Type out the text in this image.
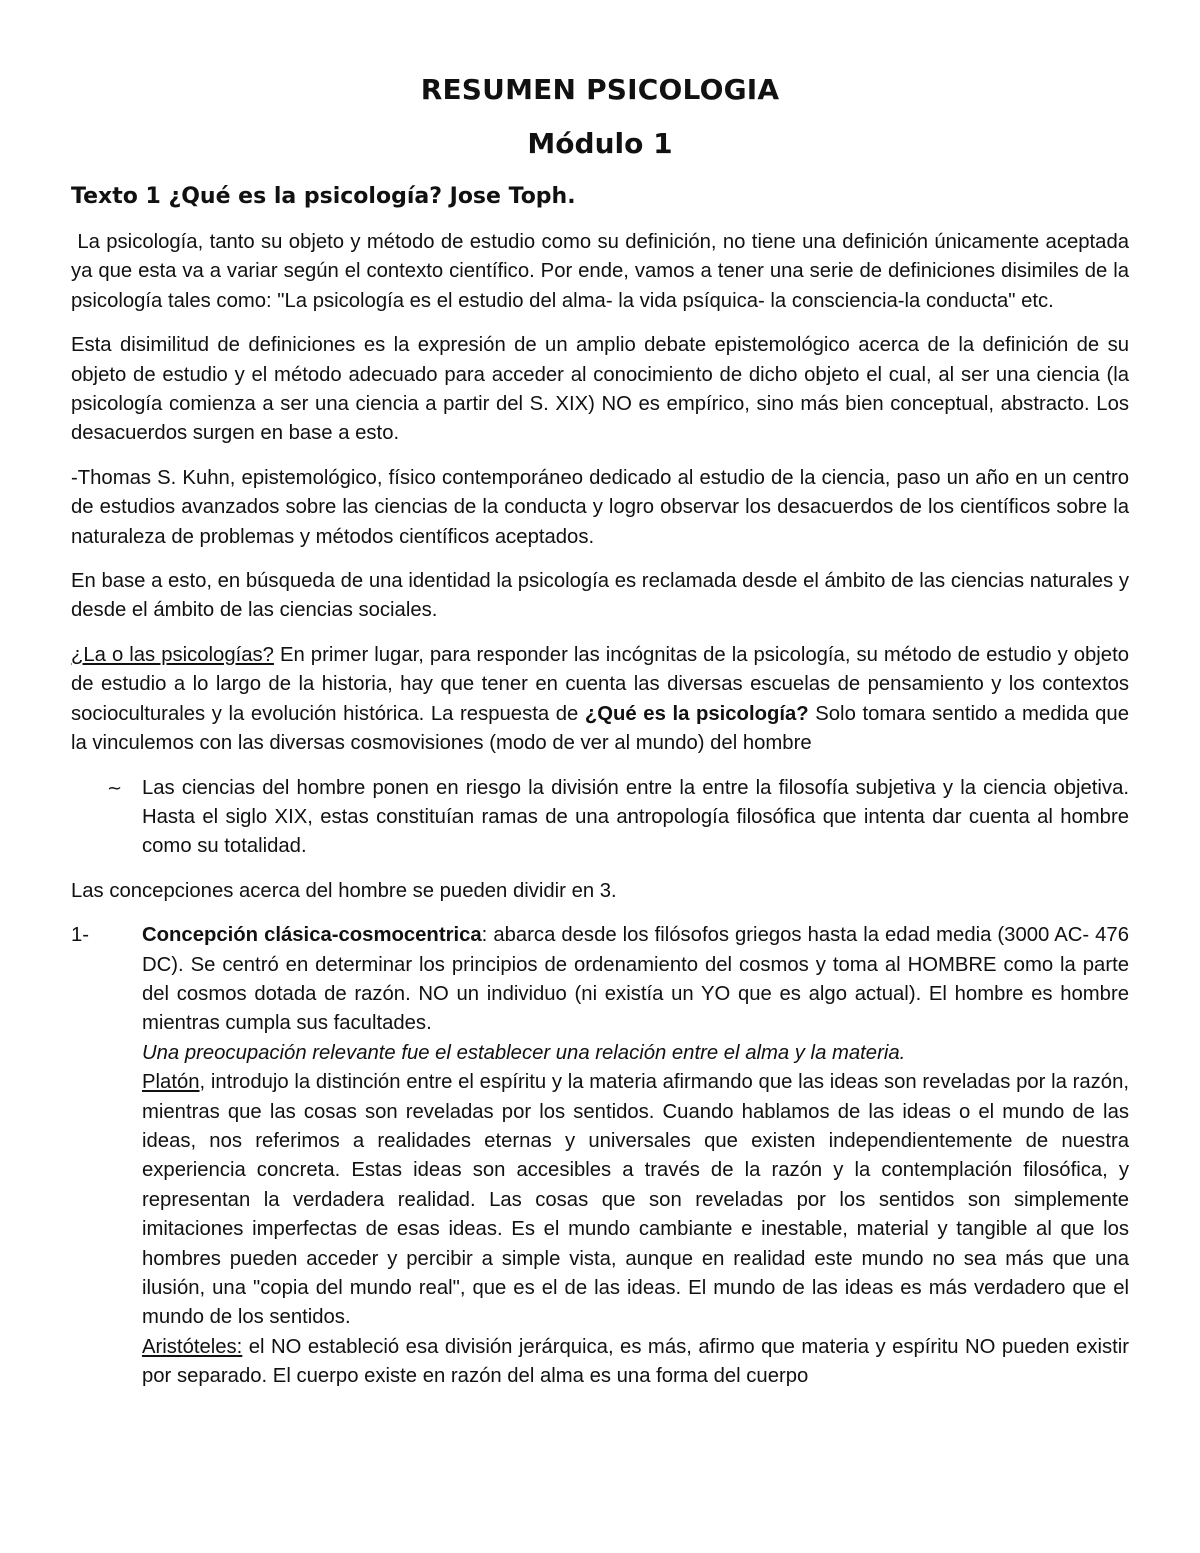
RESUMEN PSICOLOGIA
Módulo 1
Texto 1 ¿Qué es la psicología? Jose Toph.

La psicología, tanto su objeto y método de estudio como su definición, no tiene una definición únicamente aceptada ya que esta va a variar según el contexto científico. Por ende, vamos a tener una serie de definiciones disimiles de la psicología tales como: "La psicología es el estudio del alma- la vida psíquica- la consciencia-la conducta" etc.

Esta disimilitud de definiciones es la expresión de un amplio debate epistemológico acerca de la definición de su objeto de estudio y el método adecuado para acceder al conocimiento de dicho objeto el cual, al ser una ciencia (la psicología comienza a ser una ciencia a partir del S. XIX) NO es empírico, sino más bien conceptual, abstracto. Los desacuerdos surgen en base a esto.

-Thomas S. Kuhn, epistemológico, físico contemporáneo dedicado al estudio de la ciencia, paso un año en un centro de estudios avanzados sobre las ciencias de la conducta y logro observar los desacuerdos de los científicos sobre la naturaleza de problemas y métodos científicos aceptados.

En base a esto, en búsqueda de una identidad la psicología es reclamada desde el ámbito de las ciencias naturales y desde el ámbito de las ciencias sociales.

¿La o las psicologías? En primer lugar, para responder las incógnitas de la psicología, su método de estudio y objeto de estudio a lo largo de la historia, hay que tener en cuenta las diversas escuelas de pensamiento y los contextos socioculturales y la evolución histórica. La respuesta de ¿Qué es la psicología? Solo tomara sentido a medida que la vinculemos con las diversas cosmovisiones (modo de ver al mundo) del hombre

~ Las ciencias del hombre ponen en riesgo la división entre la entre la filosofía subjetiva y la ciencia objetiva. Hasta el siglo XIX, estas constituían ramas de una antropología filosófica que intenta dar cuenta al hombre como su totalidad.

Las concepciones acerca del hombre se pueden dividir en 3.

1-	Concepción clásica-cosmocentrica: abarca desde los filósofos griegos hasta la edad media (3000 AC- 476 DC). Se centró en determinar los principios de ordenamiento del cosmos y toma al HOMBRE como la parte del cosmos dotada de razón. NO un individuo (ni existía un YO que es algo actual). El hombre es hombre mientras cumpla sus facultades.

Una preocupación relevante fue el establecer una relación entre el alma y la materia.

Platón, introdujo la distinción entre el espíritu y la materia afirmando que las ideas son reveladas por la razón, mientras que las cosas son reveladas por los sentidos. Cuando hablamos de las ideas o el mundo de las ideas, nos referimos a realidades eternas y universales que existen independientemente de nuestra experiencia concreta. Estas ideas son accesibles a través de la razón y la contemplación filosófica, y representan la verdadera realidad. Las cosas que son reveladas por los sentidos son simplemente imitaciones imperfectas de esas ideas. Es el mundo cambiante e inestable, material y tangible al que los hombres pueden acceder y percibir a simple vista, aunque en realidad este mundo no sea más que una ilusión, una "copia del mundo real", que es el de las ideas. El mundo de las ideas es más verdadero que el mundo de los sentidos.

Aristóteles: el NO estableció esa división jerárquica, es más, afirmo que materia y espíritu NO pueden existir por separado. El cuerpo existe en razón del alma es una forma del cuerpo
